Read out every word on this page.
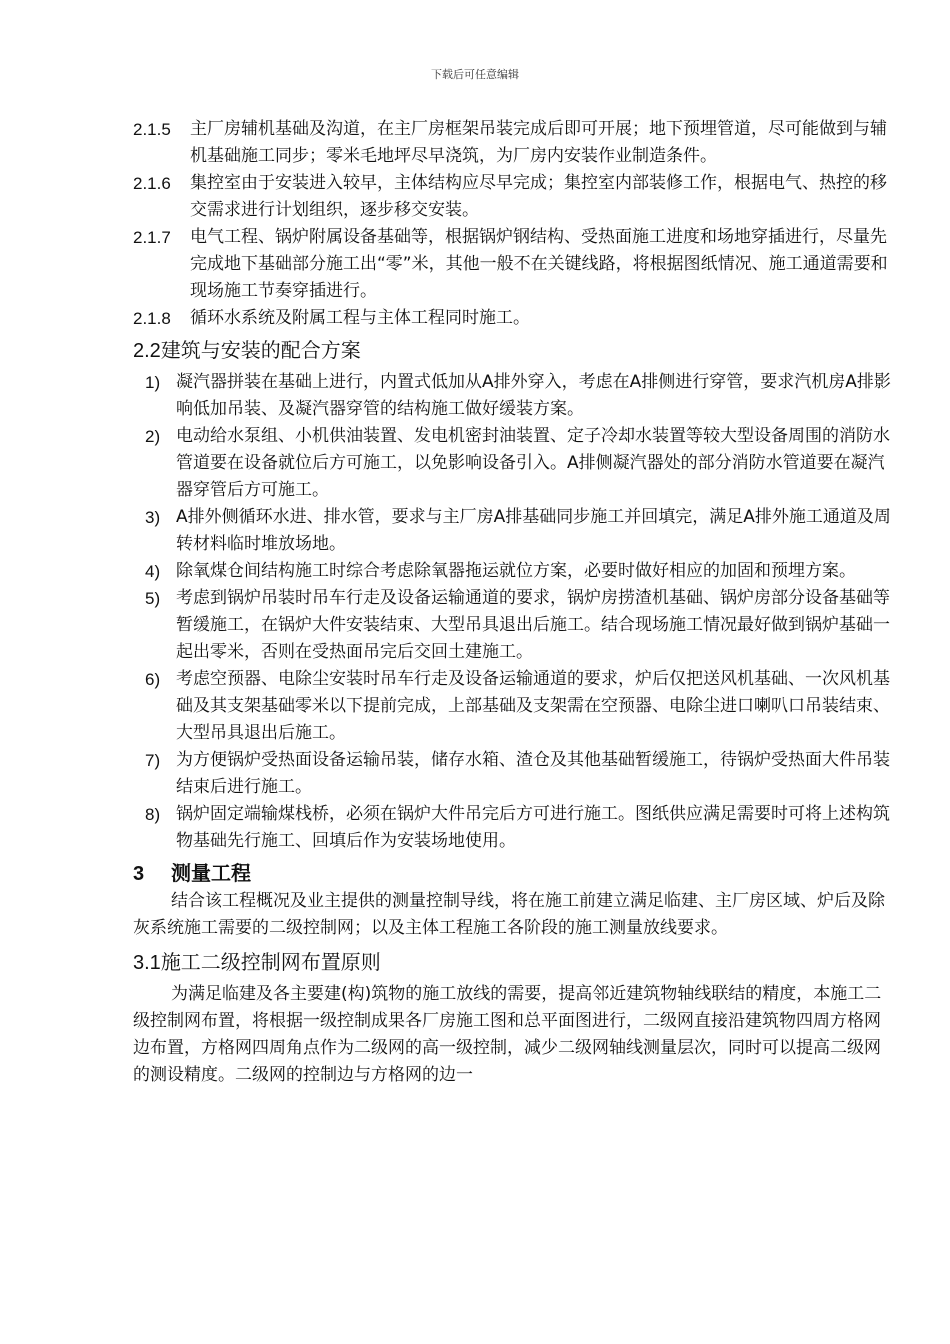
下载后可任意编辑
2.1.5 主厂房辅机基础及沟道，在主厂房框架吊装完成后即可开展；地下预埋管道，尽可能做到与辅机基础施工同步；零米毛地坪尽早浇筑，为厂房内安装作业制造条件。
2.1.6 集控室由于安装进入较早，主体结构应尽早完成；集控室内部装修工作，根据电气、热控的移交需求进行计划组织，逐步移交安装。
2.1.7 电气工程、锅炉附属设备基础等，根据锅炉钢结构、受热面施工进度和场地穿插进行，尽量先完成地下基础部分施工出“零”米，其他一般不在关键线路，将根据图纸情况、施工通道需要和现场施工节奏穿插进行。
2.1.8 循环水系统及附属工程与主体工程同时施工。
2.2建筑与安装的配合方案
1) 凝汽器拼装在基础上进行，内置式低加从A排外穿入，考虑在A排侧进行穿管，要求汽机房A排影响低加吊装、及凝汽器穿管的结构施工做好缓装方案。
2) 电动给水泵组、小机供油装置、发电机密封油装置、定子冷却水装置等较大型设备周围的消防水管道要在设备就位后方可施工，以免影响设备引入。A排侧凝汽器处的部分消防水管道要在凝汽器穿管后方可施工。
3) A排外侧循环水进、排水管，要求与主厂房A排基础同步施工并回填完，满足A排外施工通道及周转材料临时堆放场地。
4) 除氧煤仓间结构施工时综合考虑除氧器拖运就位方案，必要时做好相应的加固和预埋方案。
5) 考虑到锅炉吊装时吊车行走及设备运输通道的要求，锅炉房捞渣机基础、锅炉房部分设备基础等暂缓施工，在锅炉大件安装结束、大型吊具退出后施工。结合现场施工情况最好做到锅炉基础一起出零米，否则在受热面吊完后交回土建施工。
6) 考虑空预器、电除尘安装时吊车行走及设备运输通道的要求，炉后仅把送风机基础、一次风机基础及其支架基础零米以下提前完成，上部基础及支架需在空预器、电除尘进口喇叭口吊装结束、大型吊具退出后施工。
7) 为方便锅炉受热面设备运输吊装，储存水箱、渣仓及其他基础暂缓施工，待锅炉受热面大件吊装结束后进行施工。
8) 锅炉固定端输煤栈桥，必须在锅炉大件吊完后方可进行施工。图纸供应满足需要时可将上述构筑物基础先行施工、回填后作为安装场地使用。
3 测量工程
结合该工程概况及业主提供的测量控制导线，将在施工前建立满足临建、主厂房区域、炉后及除灰系统施工需要的二级控制网；以及主体工程施工各阶段的施工测量放线要求。
3.1施工二级控制网布置原则
为满足临建及各主要建(构)筑物的施工放线的需要，提高邻近建筑物轴线联结的精度，本施工二级控制网布置，将根据一级控制成果各厂房施工图和总平面图进行，二级网直接沿建筑物四周方格网边布置，方格网四周角点作为二级网的高一级控制，减少二级网轴线测量层次，同时可以提高二级网的测设精度。二级网的控制边与方格网的边一
